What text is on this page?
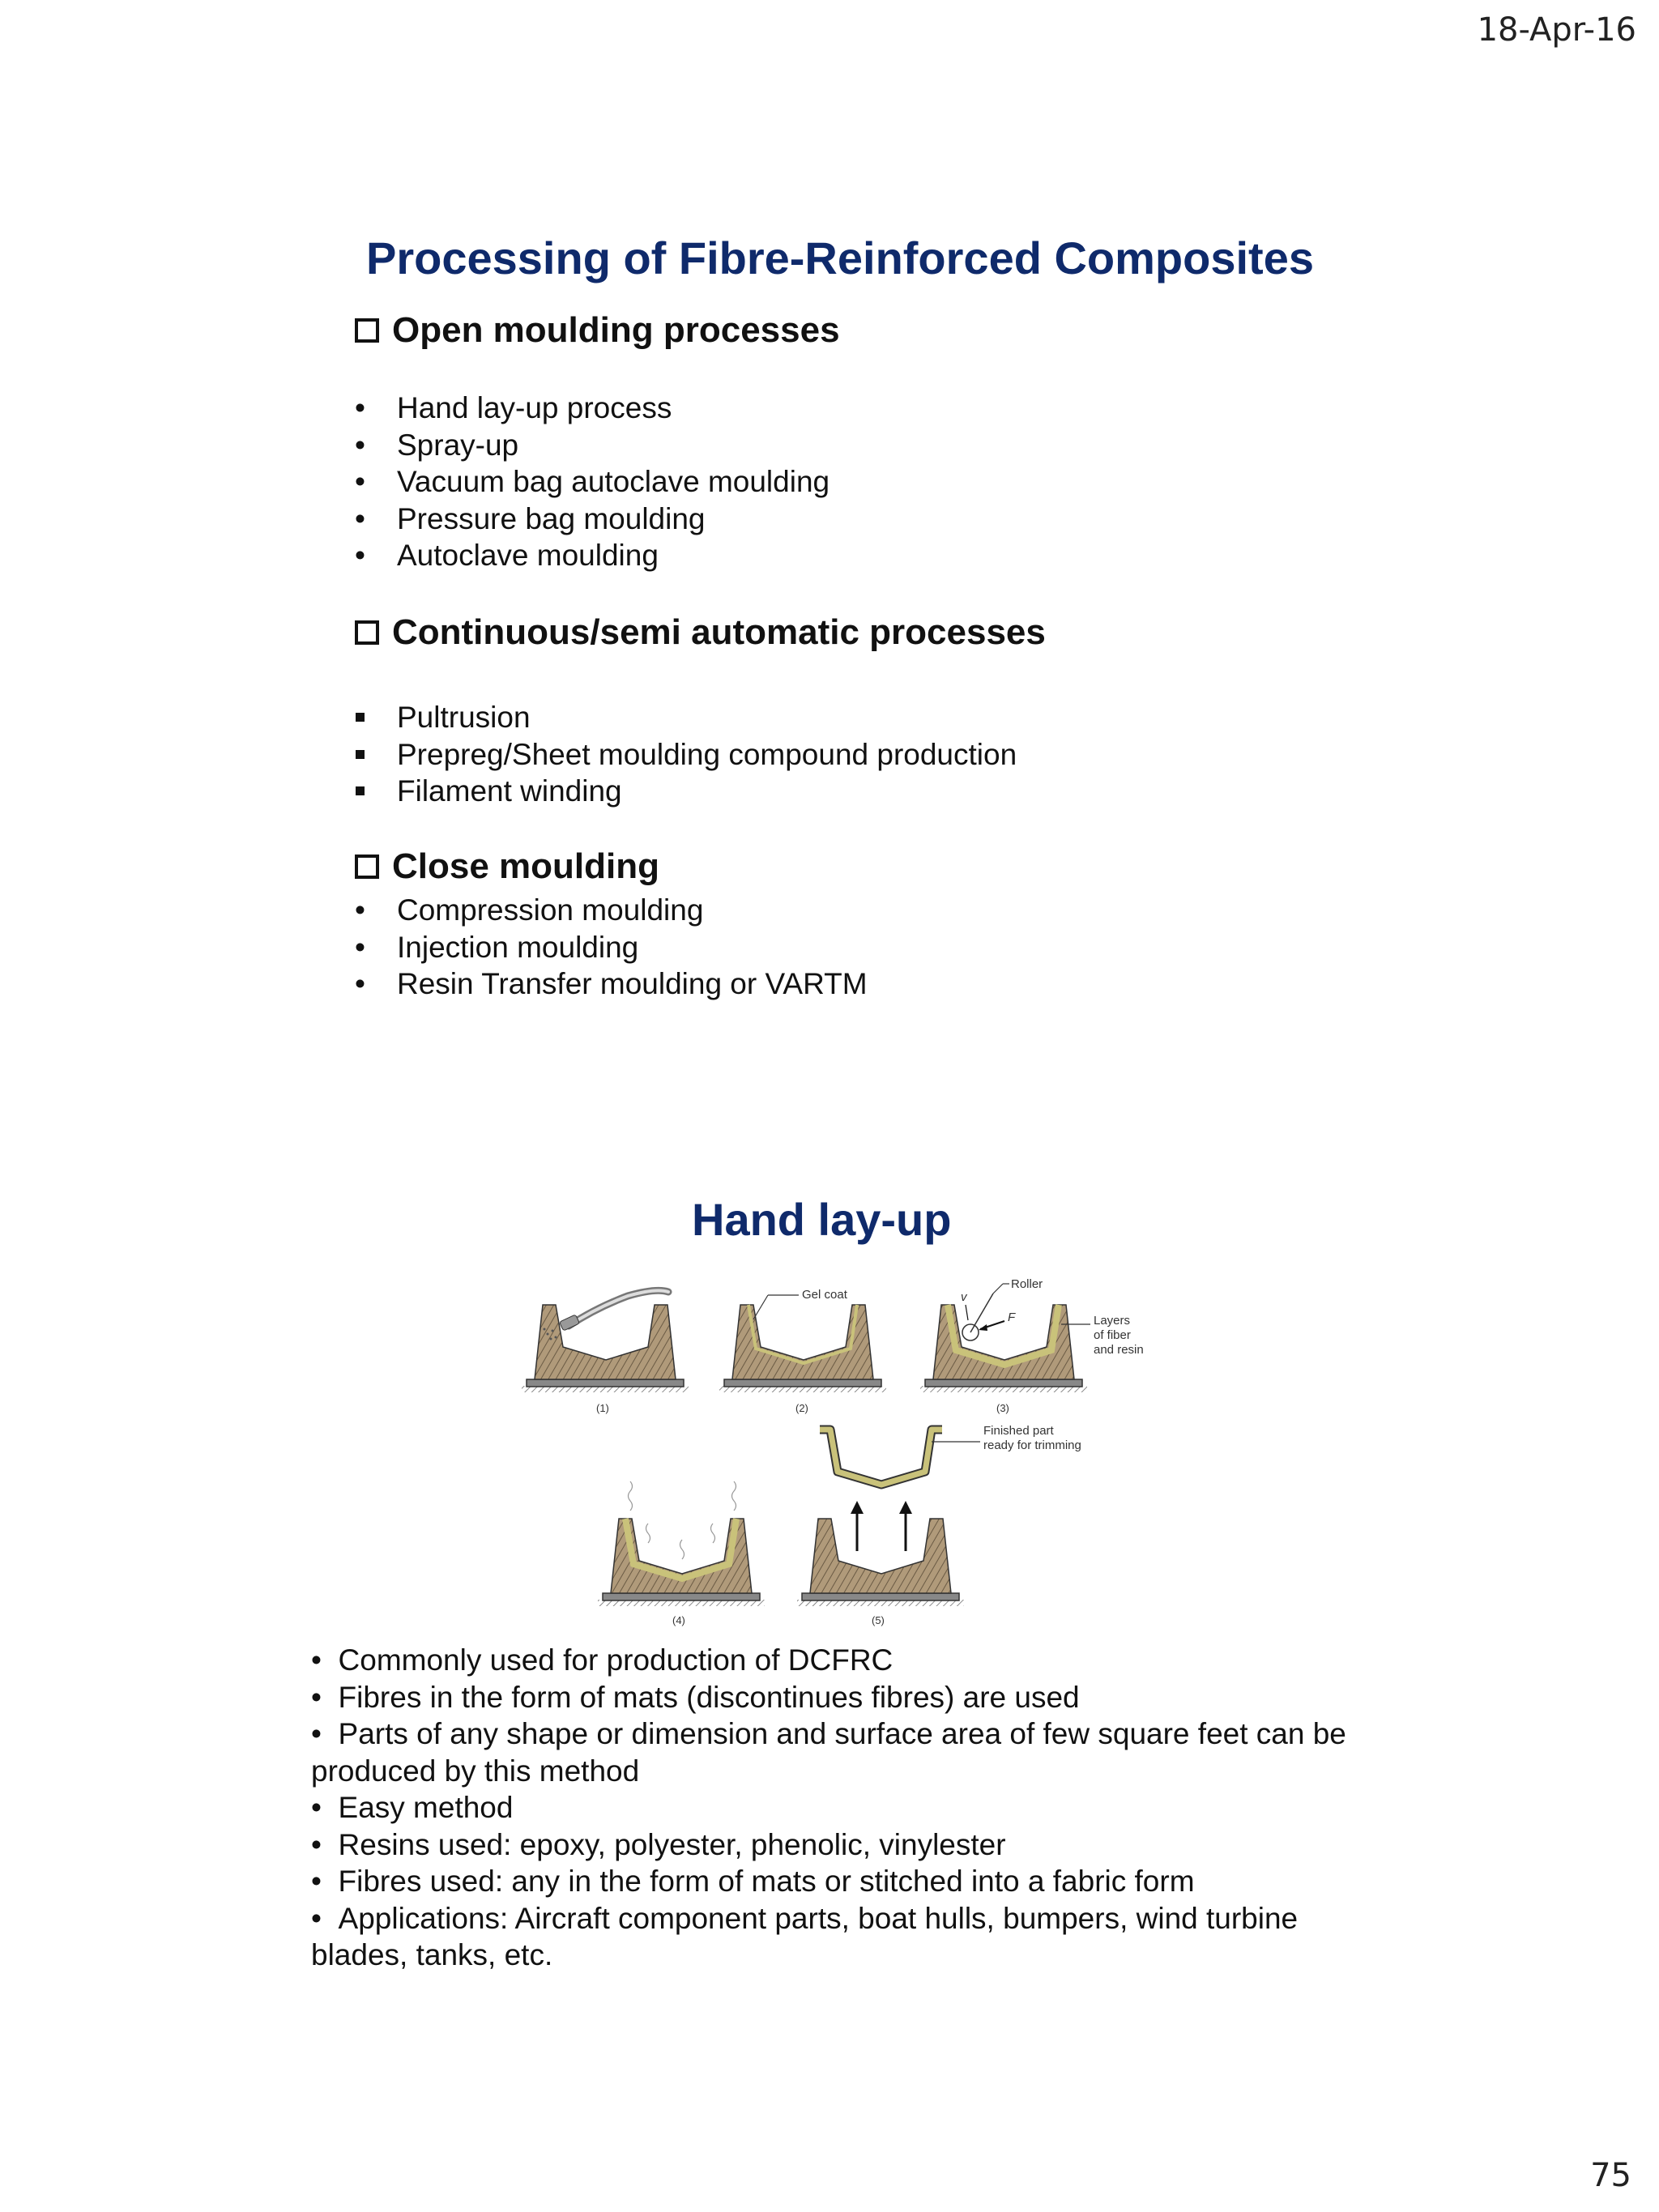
18-Apr-16
Processing of Fibre-Reinforced Composites
Open moulding processes
• Hand lay-up process
• Spray-up
• Vacuum bag autoclave moulding
• Pressure bag moulding
• Autoclave moulding
Continuous/semi automatic processes
Pultrusion
Prepreg/Sheet moulding compound production
Filament winding
Close moulding
• Compression moulding
• Injection moulding
• Resin Transfer moulding or VARTM
Hand lay-up
Gel coat
Roller
v
F	Layers
of fiber
and resin
Finished part
ready for trimming
(1)	(2)	(3)
(4)	(5)

•  Commonly used for production of DCFRC

•  Fibres in the form of mats (discontinues fibres) are used

•  Parts of any shape or dimension and surface area of few square feet can be produced by this method

•  Easy method

•  Resins used: epoxy, polyester, phenolic, vinylester

•  Fibres used: any in the form of mats or stitched into a fabric form

•  Applications: Aircraft component parts, boat hulls, bumpers, wind turbine blades, tanks, etc.

75
